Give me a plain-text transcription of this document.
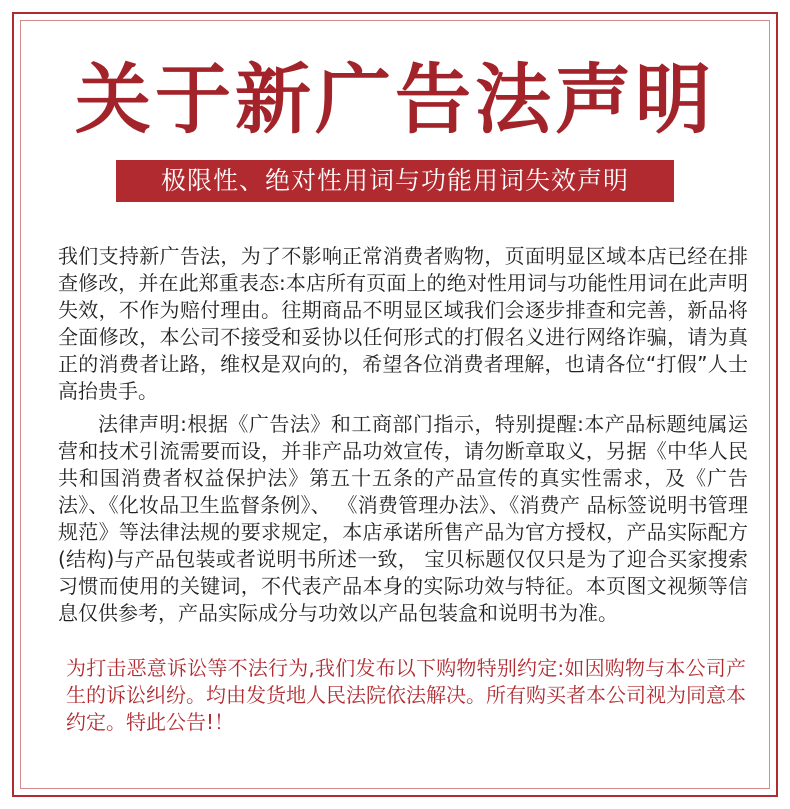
关于新广告法声明
极限性、绝对性用词与功能用词失效声明
我们支持新广告法，为了不影响正常消费者购物，页面明显区域本店已经在排查修改，并在此郑重表态:本店所有页面上的绝对性用词与功能性用词在此声明失效，不作为赔付理由。往期商品不明显区域我们会逐步排查和完善，新品将全面修改，本公司不接受和妥协以任何形式的打假名义进行网络诈骗，请为真正的消费者让路，维权是双向的，希望各位消费者理解，也请各位“打假”人士高抬贵手。
法律声明:根据《广告法》和工商部门指示，特别提醒:本产品标题纯属运营和技术引流需要而设，并非产品功效宣传，请勿断章取义，另据《中华人民共和国消费者权益保护法》第五十五条的产品宣传的真实性需求，及《广告法》、《化妆品卫生监督条例》、 《消费管理办法》、《消费产 品标签说明书管理规范》等法律法规的要求规定，本店承诺所售产品为官方授权，产品实际配方(结构)与产品包装或者说明书所述一致， 宝贝标题仅仅只是为了迎合买家搜索习惯而使用的关键词，不代表产品本身的实际功效与特征。本页图文视频等信息仅供参考，产品实际成分与功效以产品包装盒和说明书为准。
为打击恶意诉讼等不法行为,我们发布以下购物特别约定:如因购物与本公司产生的诉讼纠纷。均由发货地人民法院依法解决。所有购买者本公司视为同意本约定。特此公告!！
